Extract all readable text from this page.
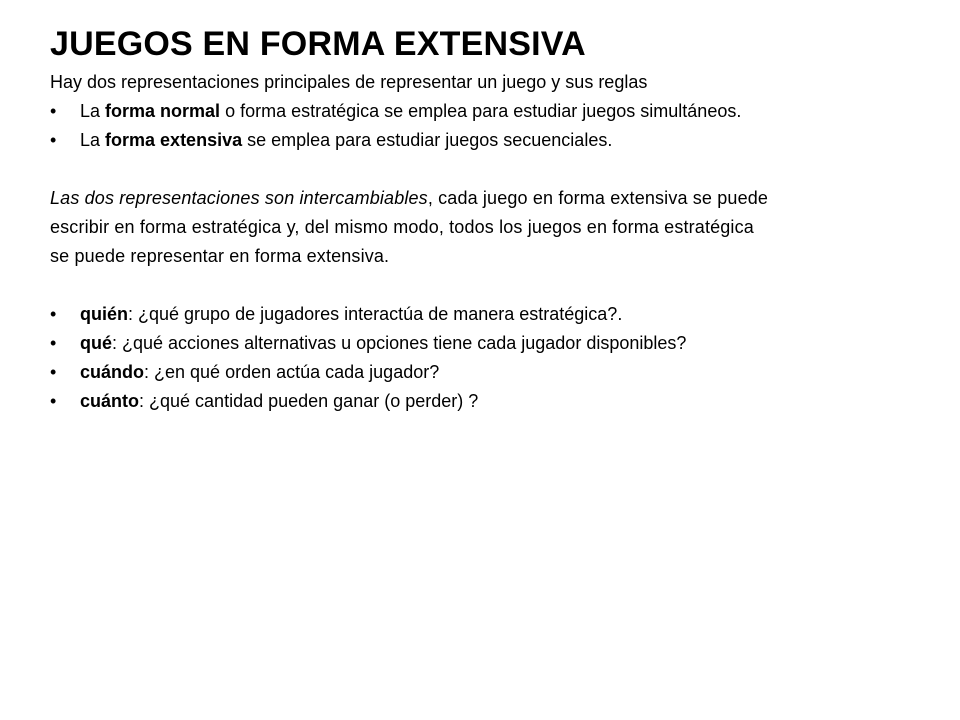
JUEGOS EN FORMA EXTENSIVA

Hay dos representaciones principales de representar un juego y sus reglas

• La forma normal o forma estratégica se emplea para estudiar juegos simultáneos.
• La forma extensiva se emplea para estudiar juegos secuenciales.

Las dos representaciones son intercambiables, cada juego en forma extensiva se puede
escribir en forma estratégica y, del mismo modo, todos los juegos en forma estratégica
se puede representar en forma extensiva.

• quién: ¿qué grupo de jugadores interactúa de manera estratégica?.
• qué: ¿qué acciones alternativas u opciones tiene cada jugador disponibles?
• cuándo: ¿en qué orden actúa cada jugador?
• cuánto: ¿qué cantidad pueden ganar (o perder) ?
